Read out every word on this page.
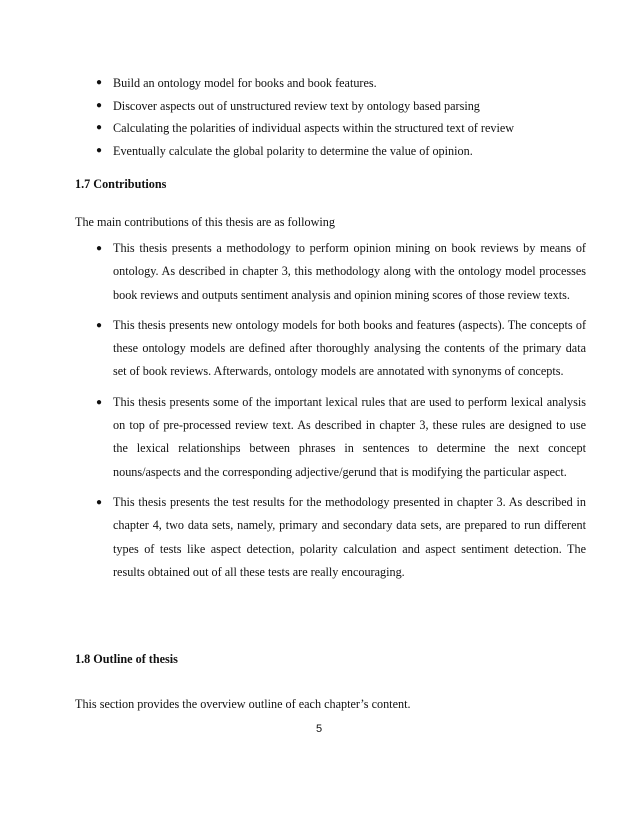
● Build an ontology model for books and book features.
● Discover aspects out of unstructured review text by ontology based parsing
● Calculating the polarities of individual aspects within the structured text of review
● Eventually calculate the global polarity to determine the value of opinion.
1.7 Contributions
The main contributions of this thesis are as following
● This thesis presents a methodology to perform opinion mining on book reviews by means of ontology. As described in chapter 3, this methodology along with the ontology model processes book reviews and outputs sentiment analysis and opinion mining scores of those review texts.
● This thesis presents new ontology models for both books and features (aspects). The concepts of these ontology models are defined after thoroughly analysing the contents of the primary data set of book reviews. Afterwards, ontology models are annotated with synonyms of concepts.
● This thesis presents some of the important lexical rules that are used to perform lexical analysis on top of pre-processed review text. As described in chapter 3, these rules are designed to use the lexical relationships between phrases in sentences to determine the next concept nouns/aspects and the corresponding adjective/gerund that is modifying the particular aspect.
● This thesis presents the test results for the methodology presented in chapter 3. As described in chapter 4, two data sets, namely, primary and secondary data sets, are prepared to run different types of tests like aspect detection, polarity calculation and aspect sentiment detection. The results obtained out of all these tests are really encouraging.
1.8 Outline of thesis
This section provides the overview outline of each chapter’s content.
5
